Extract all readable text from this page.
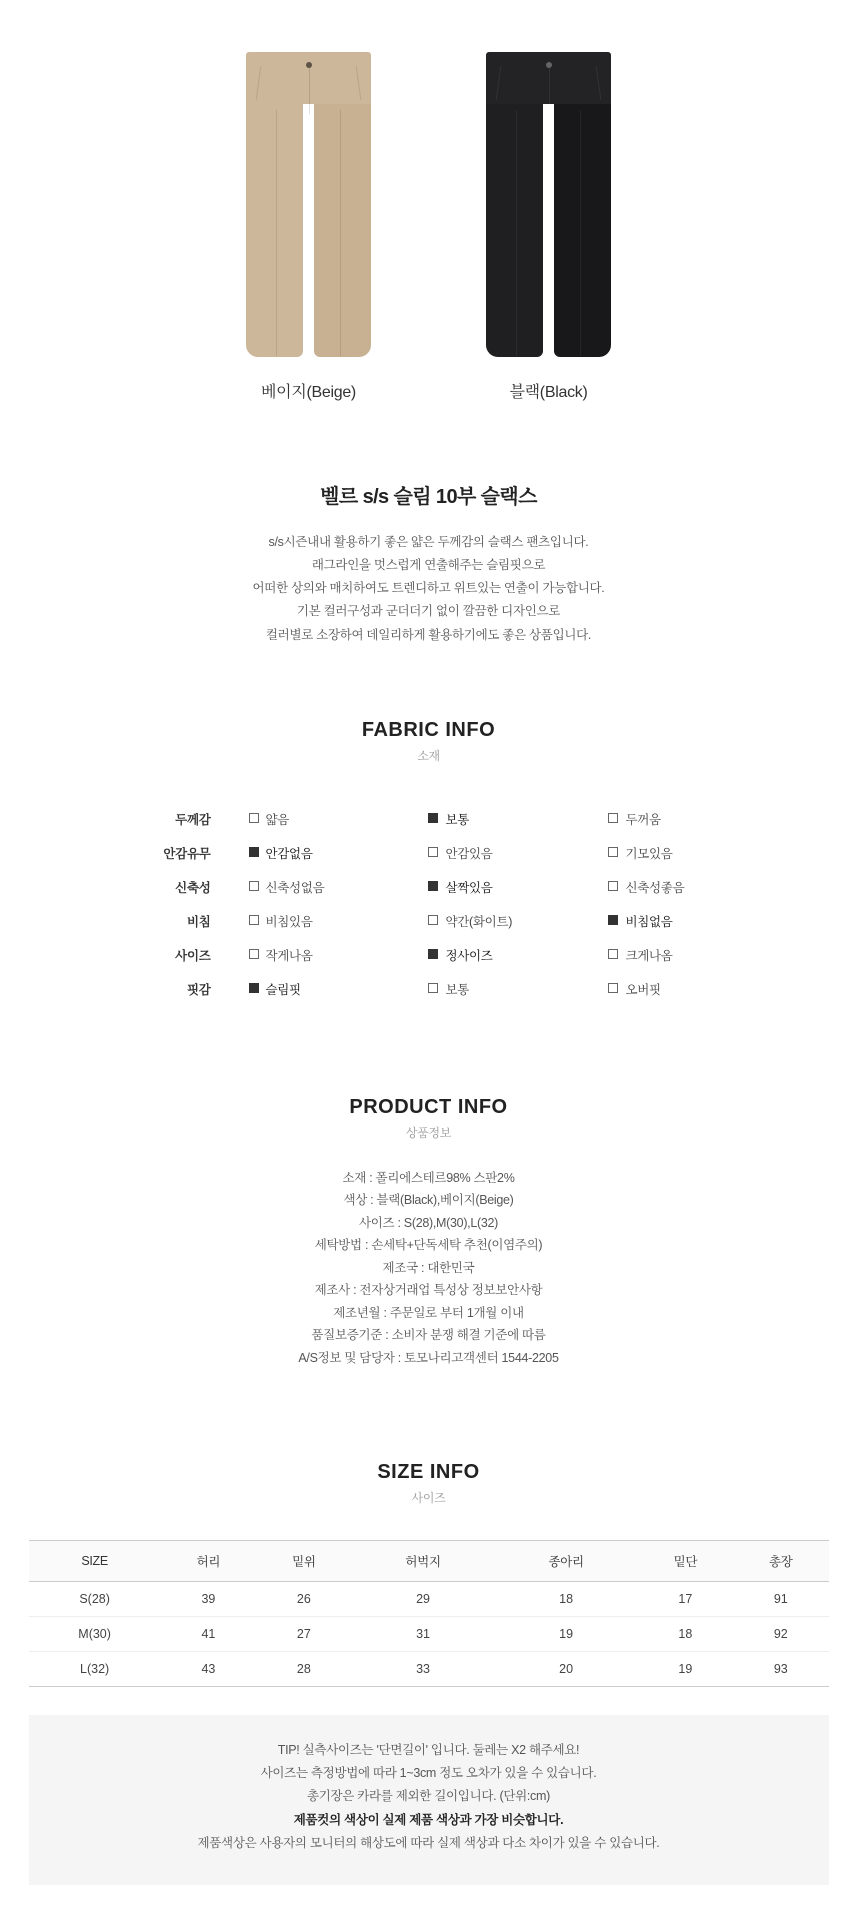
베이지(Beige)	블랙(Black)
벨르 s/s 슬림 10부 슬랙스
s/s시즌내내 활용하기 좋은 얇은 두께감의 슬랙스 팬츠입니다.
래그라인을 멋스럽게 연출해주는 슬림핏으로
어떠한 상의와 매치하여도 트렌디하고 위트있는 연출이 가능합니다.
기본 컬러구성과 군더더기 없이 깔끔한 디자인으로
컬러별로 소장하여 데일리하게 활용하기에도 좋은 상품입니다.
FABRIC INFO
소재
두께감	얇음	보통	두꺼움
안감유무	안감없음	안감있음	기모있음
신축성	신축성없음	살짝있음	신축성좋음
비침	비침있음	약간(화이트)	비침없음
사이즈	작게나옴	정사이즈	크게나옴
핏감	슬림핏	보통	오버핏
PRODUCT INFO
상품정보
소재 : 폴리에스테르98% 스판2%
색상 : 블랙(Black),베이지(Beige)
사이즈 : S(28),M(30),L(32)
세탁방법 : 손세탁+단독세탁 추천(이염주의)
제조국 : 대한민국
제조사 : 전자상거래업 특성상 정보보안사항
제조년월 : 주문일로 부터 1개월 이내
품질보증기준 : 소비자 분쟁 해결 기준에 따름
A/S정보 및 담당자 : 토모나리고객센터 1544-2205
SIZE INFO
사이즈
SIZE	허리	밑위	허벅지	종아리	밑단	총장
S(28)	39	26	29	18	17	91
M(30)	41	27	31	19	18	92
L(32)	43	28	33	20	19	93
TIP! 실측사이즈는 '단면길이' 입니다. 둘레는 X2 해주세요!
사이즈는 측정방법에 따라 1~3cm 정도 오차가 있을 수 있습니다.
총기장은 카라를 제외한 길이입니다. (단위:cm)
제품컷의 색상이 실제 제품 색상과 가장 비슷합니다.
제품색상은 사용자의 모니터의 해상도에 따라 실제 색상과 다소 차이가 있을 수 있습니다.
